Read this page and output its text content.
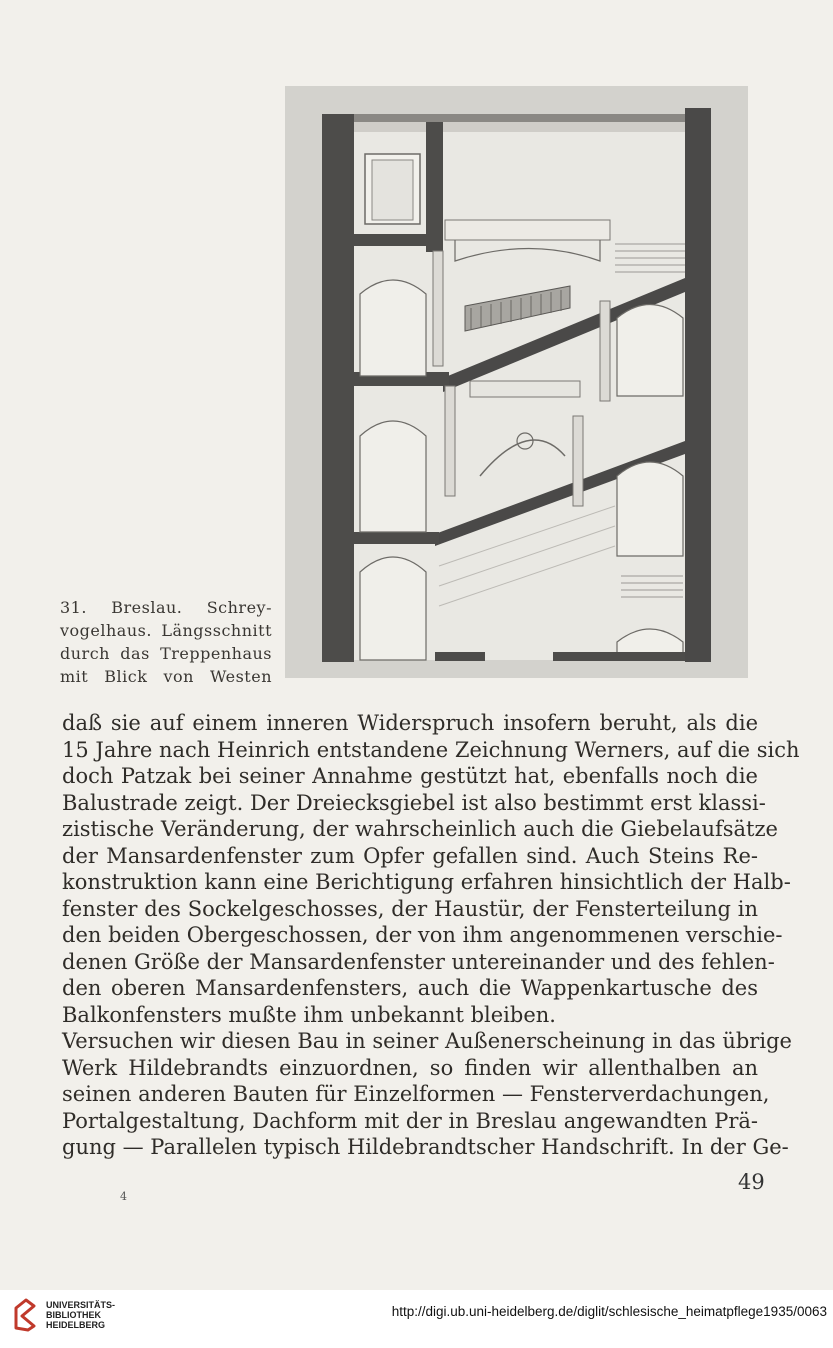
31. Breslau. Schrey-
vogelhaus. Längsschnitt
durch das Treppenhaus
mit Blick von Westen
daß sie auf einem inneren Widerspruch insofern beruht, als die
15 Jahre nach Heinrich entstandene Zeichnung Werners, auf die sich
doch Patzak bei seiner Annahme gestützt hat, ebenfalls noch die
Balustrade zeigt. Der Dreiecksgiebel ist also bestimmt erst klassi-
zistische Veränderung, der wahrscheinlich auch die Giebelaufsätze
der Mansardenfenster zum Opfer gefallen sind. Auch Steins Re-
konstruktion kann eine Berichtigung erfahren hinsichtlich der Halb-
fenster des Sockelgeschosses, der Haustür, der Fensterteilung in
den beiden Obergeschossen, der von ihm angenommenen verschie-
denen Größe der Mansardenfenster untereinander und des fehlen-
den oberen Mansardenfensters, auch die Wappenkartusche des
Balkonfensters mußte ihm unbekannt bleiben.
Versuchen wir diesen Bau in seiner Außenerscheinung in das übrige
Werk Hildebrandts einzuordnen, so finden wir allenthalben an
seinen anderen Bauten für Einzelformen — Fensterverdachungen,
Portalgestaltung, Dachform mit der in Breslau angewandten Prä-
gung — Parallelen typisch Hildebrandtscher Handschrift. In der Ge-
4
49
UNIVERSITÄTS-
BIBLIOTHEK
HEIDELBERG
http://digi.ub.uni-heidelberg.de/diglit/schlesische_heimatpflege1935/0063
